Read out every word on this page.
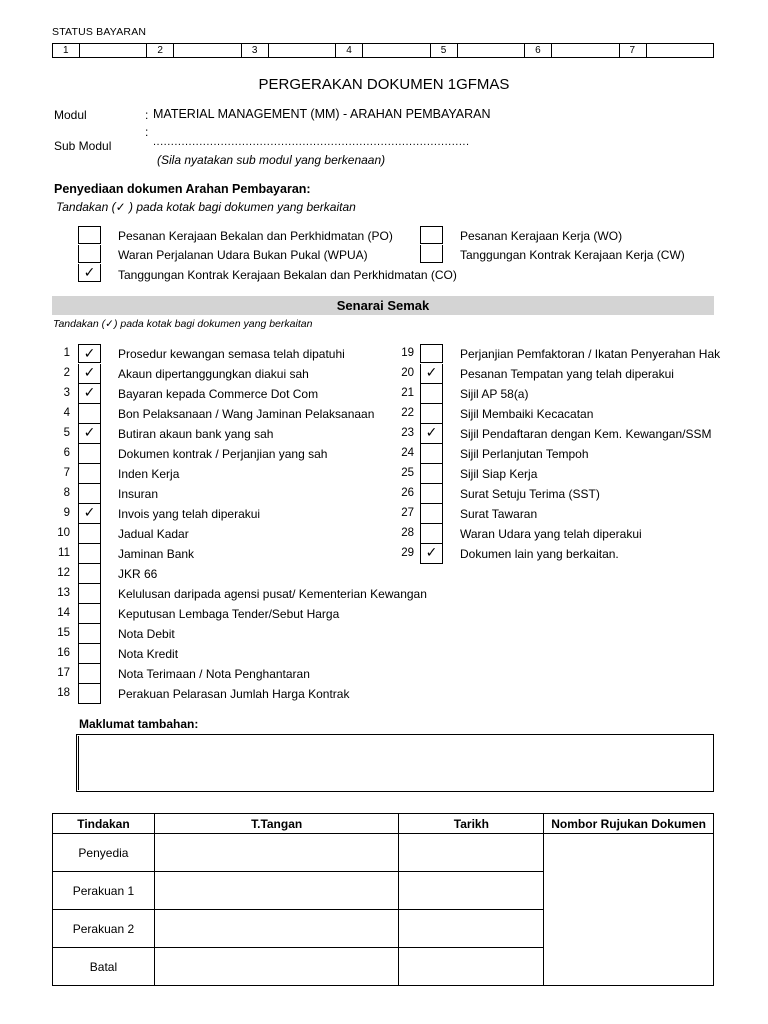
STATUS BAYARAN
1	2	3	4	5	6	7
PERGERAKAN DOKUMEN 1GFMAS
Modul	: MATERIAL MANAGEMENT (MM) - ARAHAN PEMBAYARAN
:
Sub Modul	.........................................................................................
(Sila nyatakan sub modul yang berkenaan)
Penyediaan dokumen Arahan Pembayaran:
Tandakan (✓ ) pada kotak bagi dokumen yang berkaitan
Pesanan Kerajaan Bekalan dan Perkhidmatan (PO)
Waran Perjalanan Udara Bukan Pukal (WPUA)
✓	Tanggungan Kontrak Kerajaan Bekalan dan Perkhidmatan (CO)
Pesanan Kerajaan Kerja (WO)
Tanggungan Kontrak Kerajaan Kerja (CW)
Senarai Semak
Tandakan (✓) pada kotak bagi dokumen yang berkaitan
1 ✓	Prosedur kewangan semasa telah dipatuhi
2 ✓	Akaun dipertanggungkan diakui sah
3 ✓	Bayaran kepada Commerce Dot Com
4	Bon Pelaksanaan / Wang Jaminan Pelaksanaan
5 ✓	Butiran akaun bank yang sah
6	Dokumen kontrak / Perjanjian yang sah
7	Inden Kerja
8	Insuran
9 ✓	Invois yang telah diperakui
10	Jadual Kadar
11	Jaminan Bank
12	JKR 66
13	Kelulusan daripada agensi pusat/ Kementerian Kewangan
14	Keputusan Lembaga Tender/Sebut Harga
15	Nota Debit
16	Nota Kredit
17	Nota Terimaan / Nota Penghantaran
18	Perakuan Pelarasan Jumlah Harga Kontrak
19	Perjanjian Pemfaktoran / Ikatan Penyerahan Hak
20 ✓	Pesanan Tempatan yang telah diperakui
21	Sijil AP 58(a)
22	Sijil Membaiki Kecacatan
23 ✓	Sijil Pendaftaran dengan Kem. Kewangan/SSM
24	Sijil Perlanjutan Tempoh
25	Sijil Siap Kerja
26	Surat Setuju Terima (SST)
27	Surat Tawaran
28	Waran Udara yang telah diperakui
29 ✓	Dokumen lain yang berkaitan.
Maklumat tambahan:
Tindakan	T.Tangan	Tarikh	Nombor Rujukan Dokumen
Penyedia			
Perakuan 1			
Perakuan 2			
Batal			
